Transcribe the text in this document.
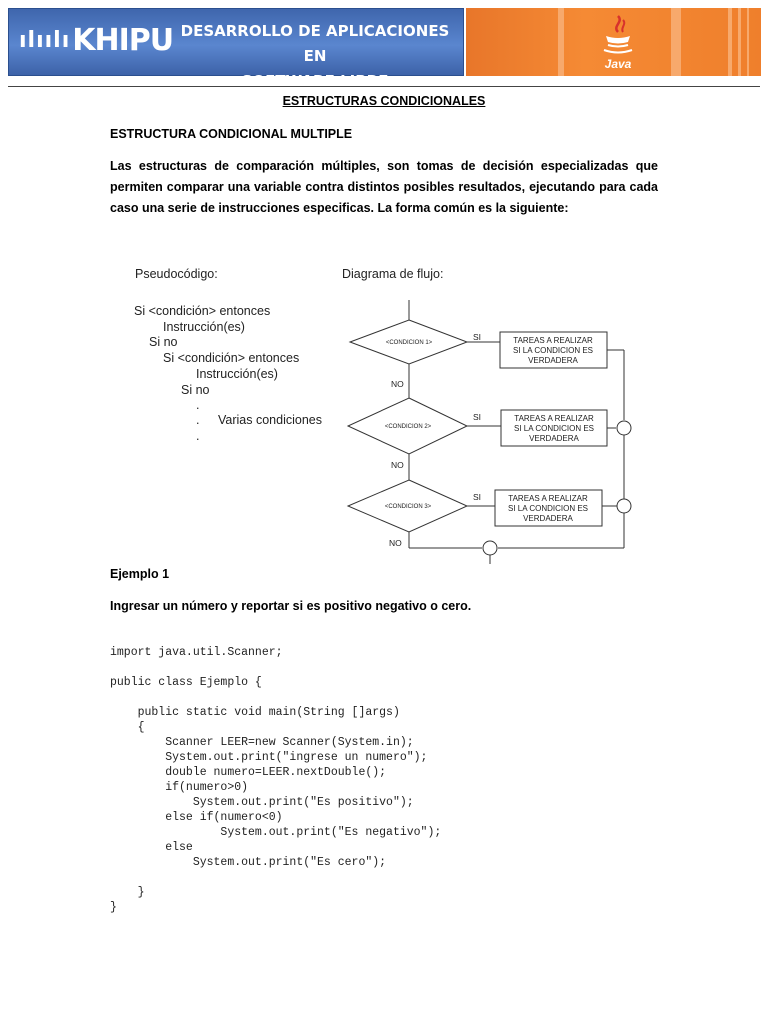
ılıılıKHIPU DESARROLLO DE APLICACIONES EN
SOFTWARE LIBRE
Java
ESTRUCTURAS CONDICIONALES
ESTRUCTURA CONDICIONAL MULTIPLE
Las estructuras de comparación múltiples, son tomas de decisión especializadas que permiten comparar una variable contra distintos posibles resultados, ejecutando para cada caso una serie de instrucciones especificas. La forma común es la siguiente:
Pseudocódigo:	Diagrama de flujo:
Si <condición> entonces
Instrucción(es)
Si no
Si <condición> entonces
Instrucción(es)
Si no
.
. Varias condiciones
.
<CONDICION 1>
<CONDICION 2>
<CONDICION 3>
SI
SI
SI
NO
NO
NO
TAREAS A REALIZAR
SI LA CONDICION ES
VERDADERA
TAREAS A REALIZAR
SI LA CONDICION ES
VERDADERA
TAREAS A REALIZAR
SI LA CONDICION ES
VERDADERA
Ejemplo 1
Ingresar un número y reportar si es positivo negativo o cero.

import java.util.Scanner;
public class Ejemplo {
public static void main(String []args)
{
Scanner LEER=new Scanner(System.in);
System.out.print("ingrese un numero");
double numero=LEER.nextDouble();
if(numero>0)
System.out.print("Es positivo");
else if(numero<0)
System.out.print("Es negativo");
else
System.out.print("Es cero");
}
}
